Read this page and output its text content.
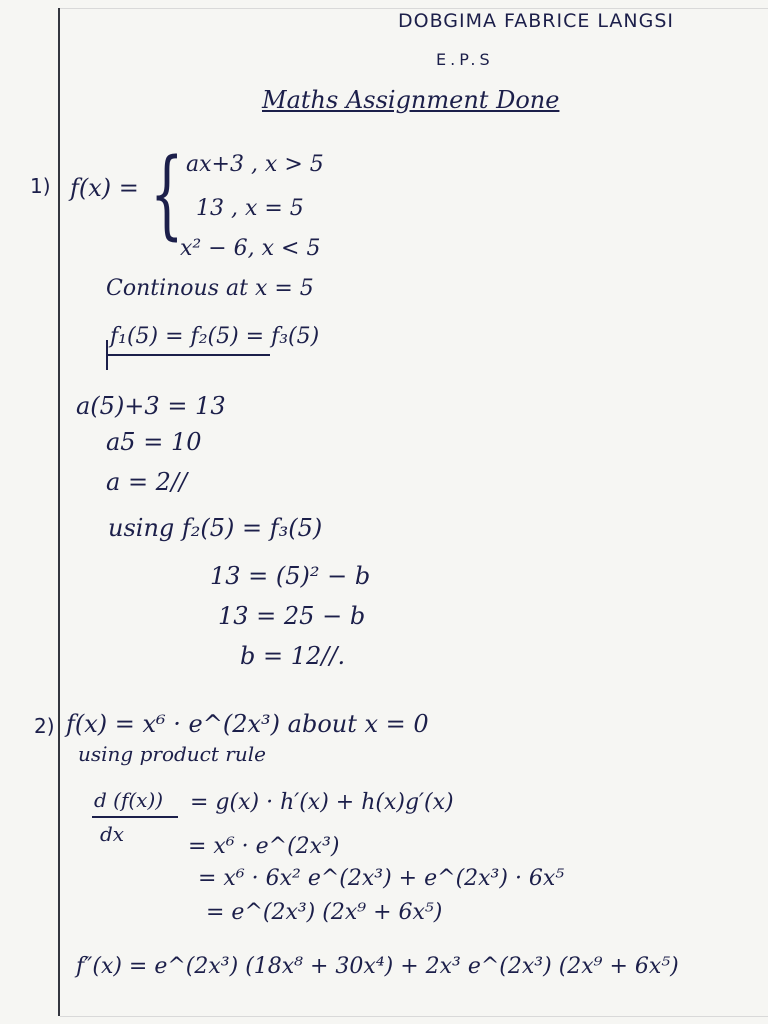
DOBGIMA FABRICE LANGSI
E.P.S
Maths Assignment Done
1) f(x) = { ax+3 , x > 5
13 , x = 5
x² − 6, x < 5
Continous at x = 5
f₁(5) = f₂(5) = f₃(5)
a(5)+3 = 13
a5 = 10
a = 2//
using f₂(5) = f₃(5)
13 = (5)² − b
13 = 25 − b
b = 12//.
2) f(x) = x⁶ · e^(2x³) about x = 0
using product rule
d (f(x))
dx
= g(x) · h′(x) + h(x)g′(x)
= x⁶ · e^(2x³)
= x⁶ · 6x² e^(2x³) + e^(2x³) · 6x⁵
= e^(2x³) (2x⁹ + 6x⁵)
f″(x) = e^(2x³) (18x⁸ + 30x⁴) + 2x³ e^(2x³) (2x⁹ + 6x⁵)
